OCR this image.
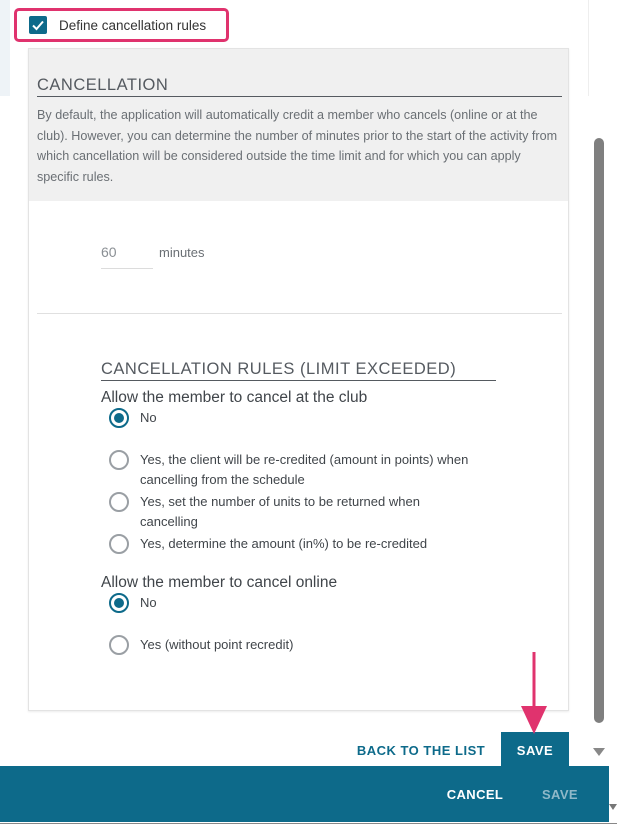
Define cancellation rules
CANCELLATION
By default, the application will automatically credit a member who cancels (online or at the club). However, you can determine the number of minutes prior to the start of the activity from which cancellation will be considered outside the time limit and for which you can apply specific rules.
60	minutes
CANCELLATION RULES (LIMIT EXCEEDED)
Allow the member to cancel at the club
No
Yes, the client will be re-credited (amount in points) when cancelling from the schedule
Yes, set the number of units to be returned when cancelling
Yes, determine the amount (in%) to be re-credited
Allow the member to cancel online
No
Yes (without point recredit)
BACK TO THE LIST	SAVE
CANCEL	SAVE
